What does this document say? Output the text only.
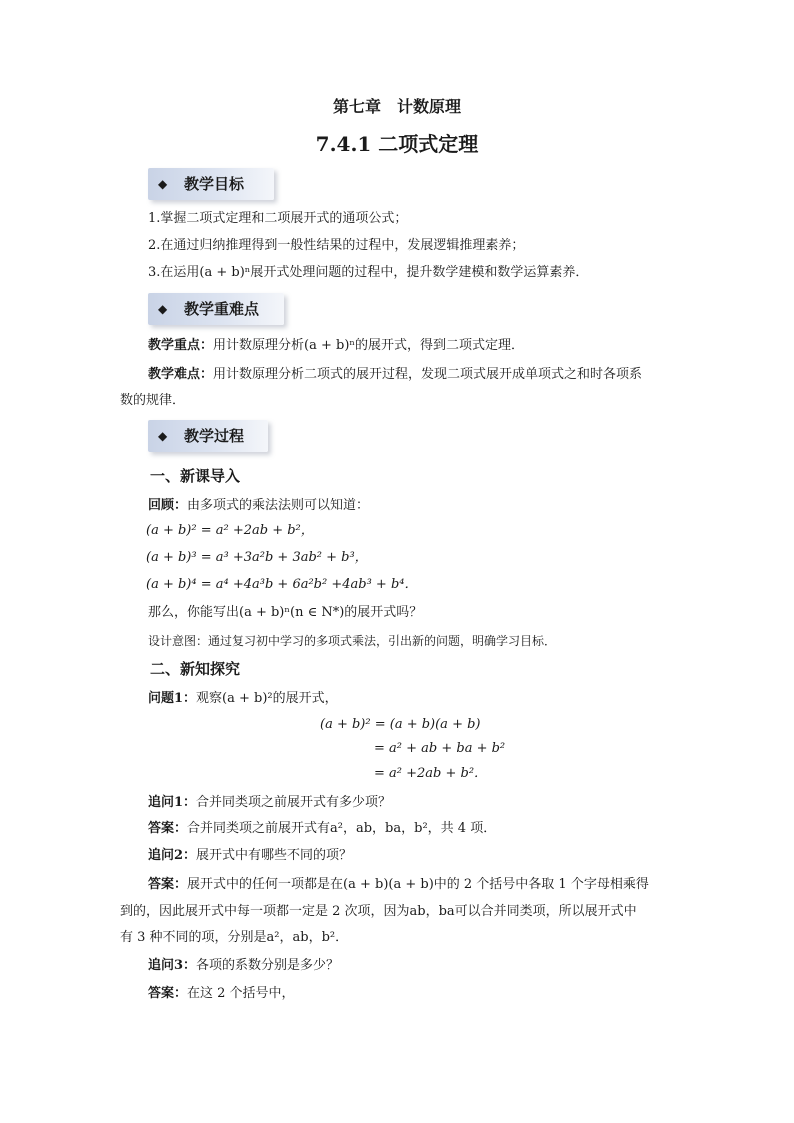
第七章　计数原理
7.4.1 二项式定理
◆ 教学目标
1.掌握二项式定理和二项展开式的通项公式；
2.在通过归纳推理得到一般性结果的过程中，发展逻辑推理素养；
3.在运用(a + b)ⁿ展开式处理问题的过程中，提升数学建模和数学运算素养．
◆ 教学重难点
教学重点：用计数原理分析(a + b)ⁿ的展开式，得到二项式定理．
教学难点：用计数原理分析二项式的展开过程，发现二项式展开成单项式之和时各项系
数的规律．
◆ 教学过程
一、新课导入
回顾：由多项式的乘法法则可以知道：
(a + b)² = a² +2ab + b²，
(a + b)³ = a³ +3a²b + 3ab² + b³，
(a + b)⁴ = a⁴ +4a³b + 6a²b² +4ab³ + b⁴．
那么，你能写出(a + b)ⁿ(n ∈ N*)的展开式吗？
设计意图：通过复习初中学习的多项式乘法，引出新的问题，明确学习目标．
二、新知探究
问题1：观察(a + b)²的展开式，
(a + b)² = (a + b)(a + b)
= a² + ab + ba + b²
= a² +2ab + b²．
追问1：合并同类项之前展开式有多少项？
答案：合并同类项之前展开式有a²，ab，ba，b²，共 4 项．
追问2：展开式中有哪些不同的项？
答案：展开式中的任何一项都是在(a + b)(a + b)中的 2 个括号中各取 1 个字母相乘得
到的，因此展开式中每一项都一定是 2 次项，因为ab，ba可以合并同类项，所以展开式中
有 3 种不同的项，分别是a²，ab，b²．
追问3：各项的系数分别是多少？
答案：在这 2 个括号中，
